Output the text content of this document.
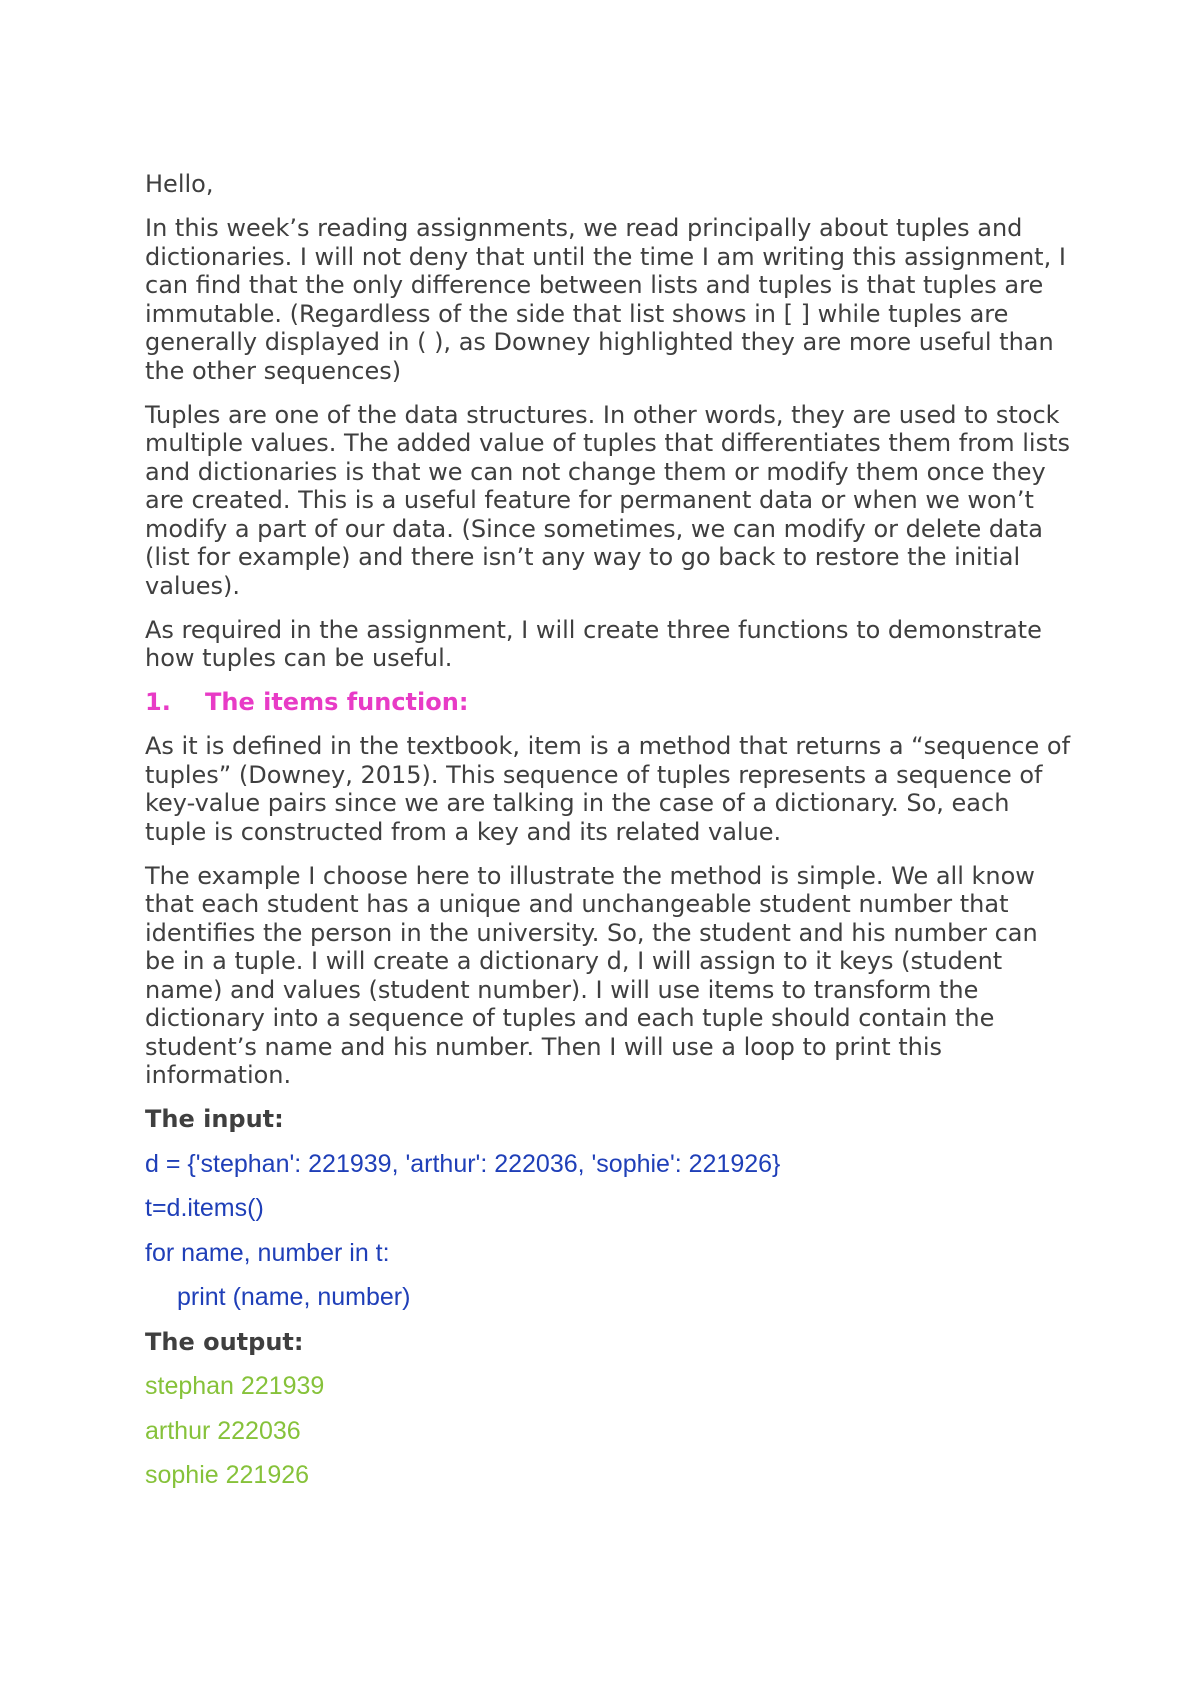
Hello,

In this week’s reading assignments, we read principally about tuples and dictionaries. I will not deny that until the time I am writing this assignment, I can find that the only difference between lists and tuples is that tuples are immutable. (Regardless of the side that list shows in [ ] while tuples are generally displayed in ( ), as Downey highlighted they are more useful than the other sequences)

Tuples are one of the data structures. In other words, they are used to stock multiple values. The added value of tuples that differentiates them from lists and dictionaries is that we can not change them or modify them once they are created. This is a useful feature for permanent data or when we won’t modify a part of our data. (Since sometimes, we can modify or delete data (list for example) and there isn’t any way to go back to restore the initial values).

As required in the assignment, I will create three functions to demonstrate how tuples can be useful.

1. The items function:

As it is defined in the textbook, item is a method that returns a “sequence of tuples” (Downey, 2015). This sequence of tuples represents a sequence of key-value pairs since we are talking in the case of a dictionary. So, each tuple is constructed from a key and its related value.

The example I choose here to illustrate the method is simple. We all know that each student has a unique and unchangeable student number that identifies the person in the university. So, the student and his number can be in a tuple. I will create a dictionary d, I will assign to it keys (student name) and values (student number). I will use items to transform the dictionary into a sequence of tuples and each tuple should contain the student’s name and his number. Then I will use a loop to print this information.

The input:

d = {'stephan': 221939, 'arthur': 222036, 'sophie': 221926}

t=d.items()

for name, number in t:

print (name, number)

The output:

stephan 221939

arthur 222036

sophie 221926
